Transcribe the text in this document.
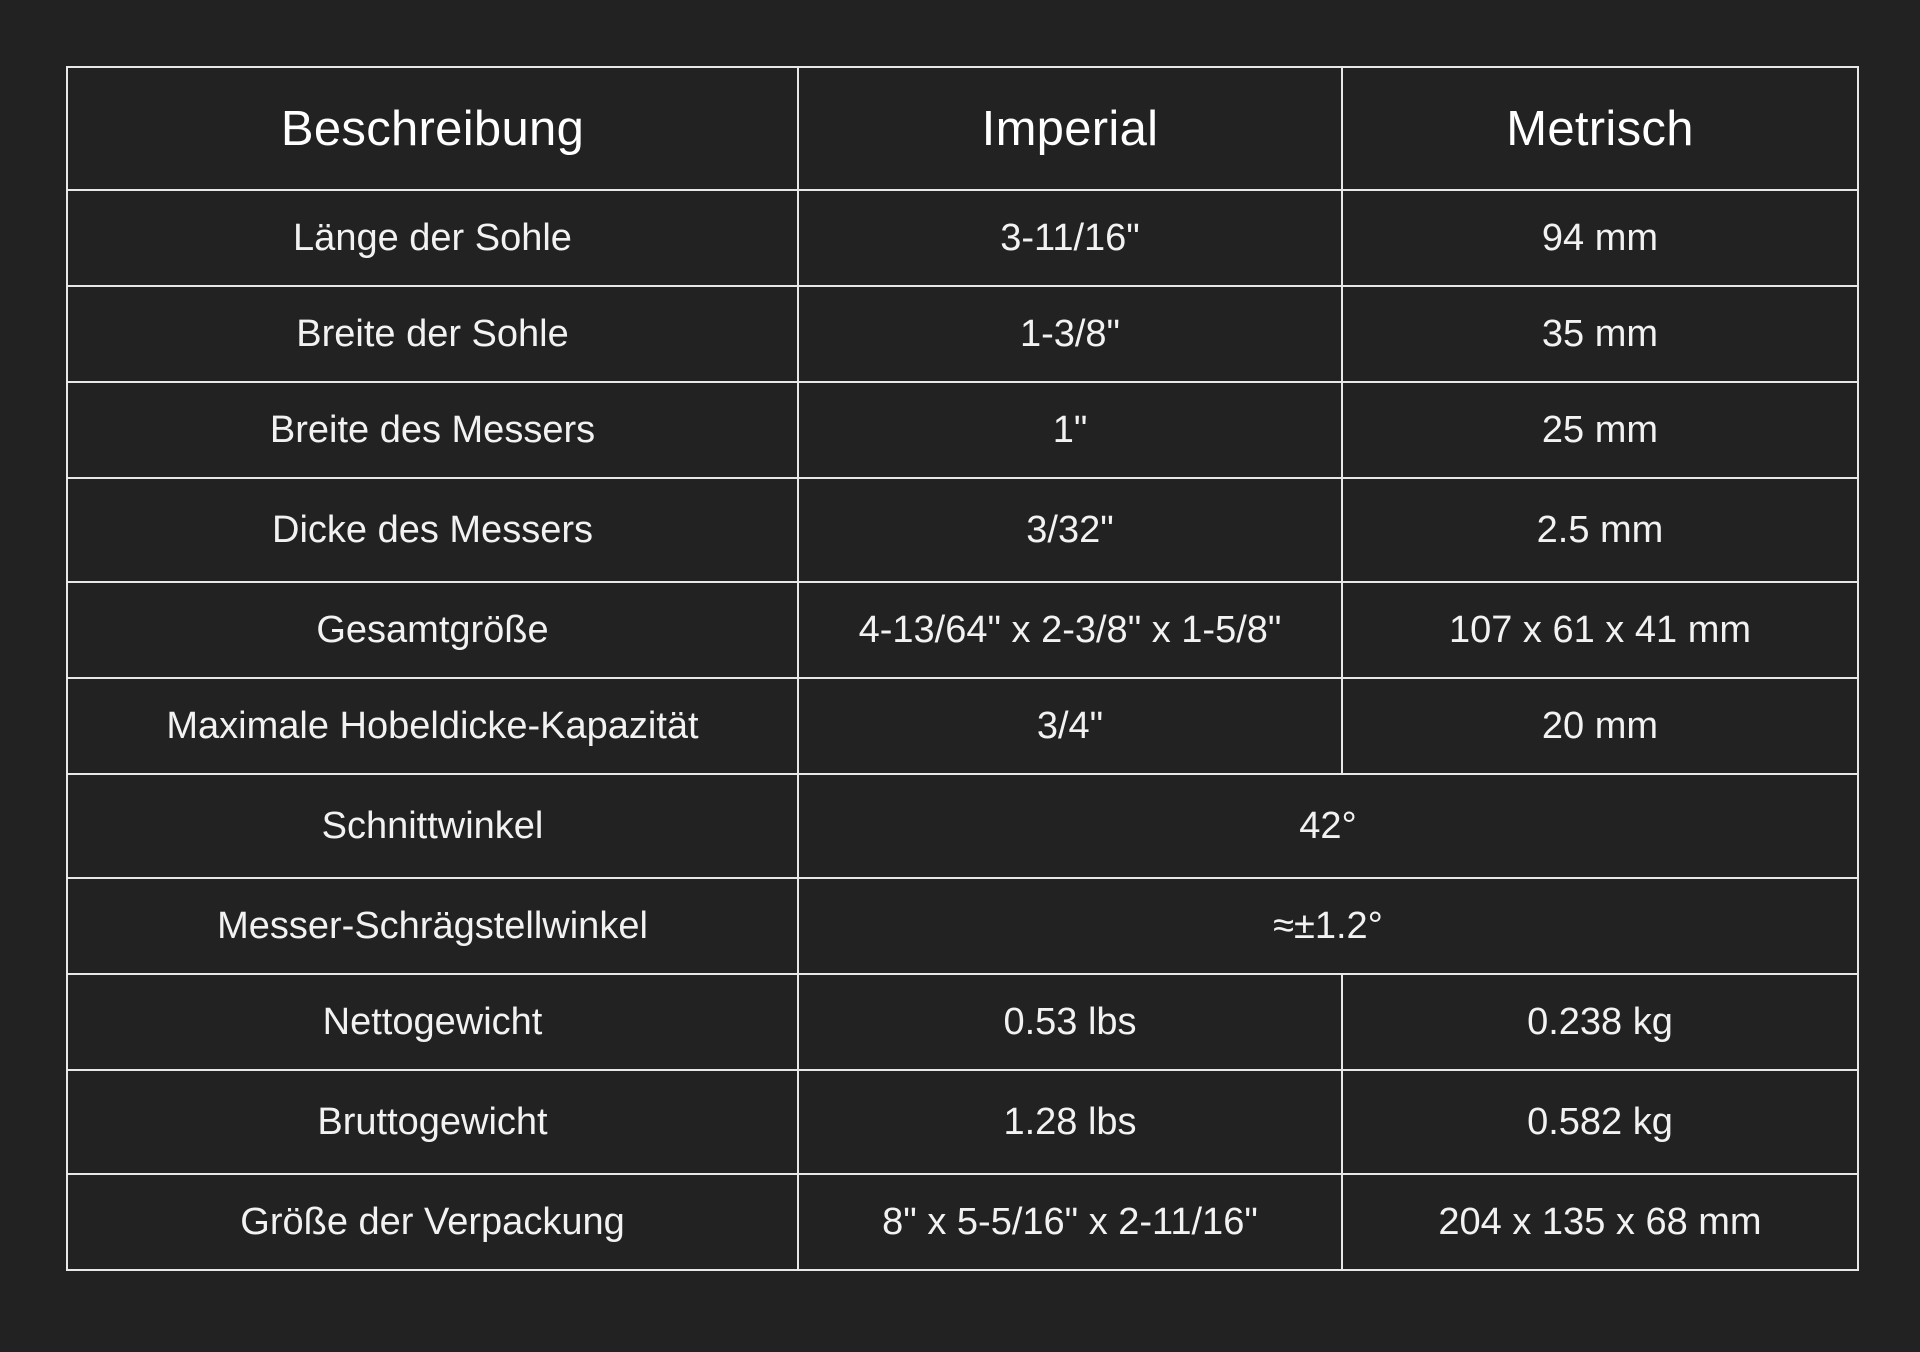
Beschreibung	Imperial	Metrisch
Länge der Sohle	3-11/16"	94 mm
Breite der Sohle	1-3/8"	35 mm
Breite des Messers	1"	25 mm
Dicke des Messers	3/32"	2.5 mm
Gesamtgröße	4-13/64" x 2-3/8" x 1-5/8"	107 x 61 x 41 mm
Maximale Hobeldicke-Kapazität	3/4"	20 mm
Schnittwinkel	42°	
Messer-Schrägstellwinkel	≈±1.2°	
Nettogewicht	0.53 lbs	0.238 kg
Bruttogewicht	1.28 lbs	0.582 kg
Größe der Verpackung	8" x 5-5/16" x 2-11/16"	204 x 135 x 68 mm
